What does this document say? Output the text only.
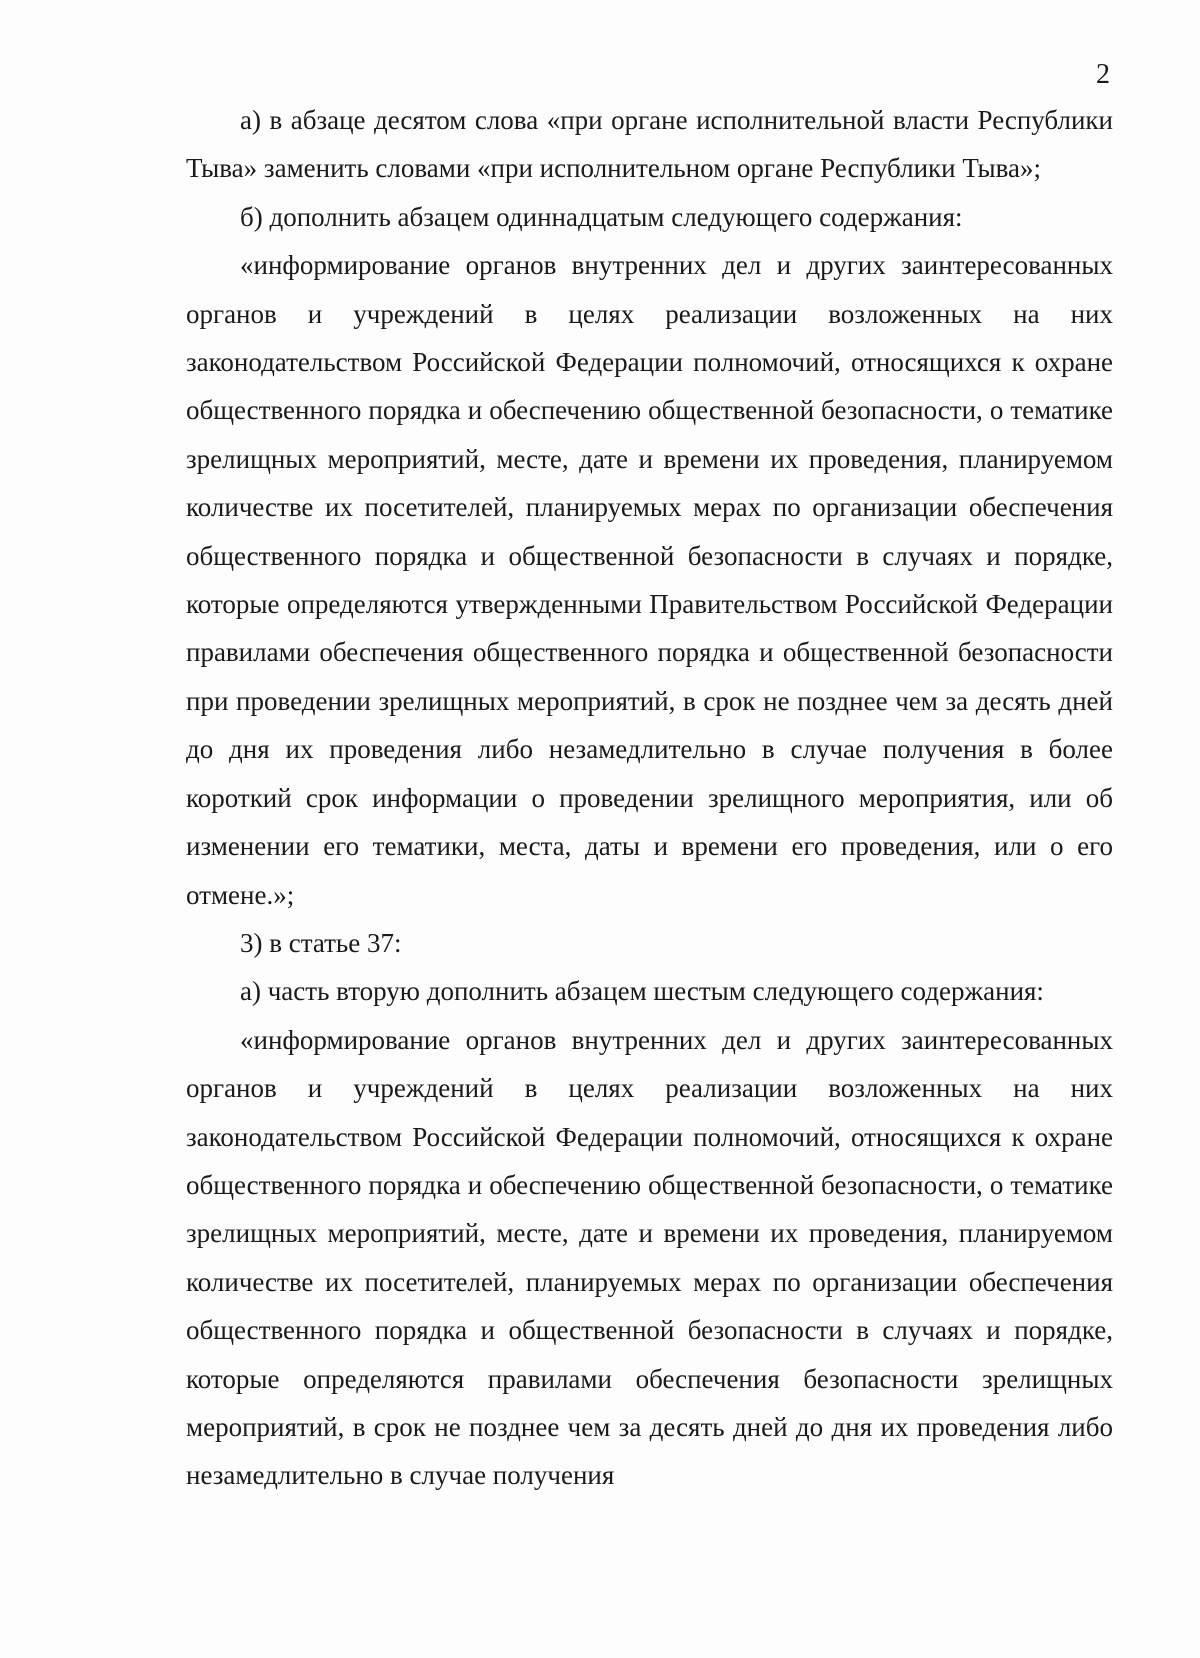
2

а) в абзаце десятом слова «при органе исполнительной власти Республики Тыва» заменить словами «при исполнительном органе Республики Тыва»;

б) дополнить абзацем одиннадцатым следующего содержания:

«информирование органов внутренних дел и других заинтересованных органов и учреждений в целях реализации возложенных на них законодательством Российской Федерации полномочий, относящихся к охране общественного порядка и обеспечению общественной безопасности, о тематике зрелищных мероприятий, месте, дате и времени их проведения, планируемом количестве их посетителей, планируемых мерах по организации обеспечения общественного порядка и общественной безопасности в случаях и порядке, которые определяются утвержденными Правительством Российской Федерации правилами обеспечения общественного порядка и общественной безопасности при проведении зрелищных мероприятий, в срок не позднее чем за десять дней до дня их проведения либо незамедлительно в случае получения в более короткий срок информации о проведении зрелищного мероприятия, или об изменении его тематики, места, даты и времени его проведения, или о его отмене.»;

3) в статье 37:

а) часть вторую дополнить абзацем шестым следующего содержания:

«информирование органов внутренних дел и других заинтересованных органов и учреждений в целях реализации возложенных на них законодательством Российской Федерации полномочий, относящихся к охране общественного порядка и обеспечению общественной безопасности, о тематике зрелищных мероприятий, месте, дате и времени их проведения, планируемом количестве их посетителей, планируемых мерах по организации обеспечения общественного порядка и общественной безопасности в случаях и порядке, которые определяются правилами обеспечения безопасности зрелищных мероприятий, в срок не позднее чем за десять дней до дня их проведения либо незамедлительно в случае получения
